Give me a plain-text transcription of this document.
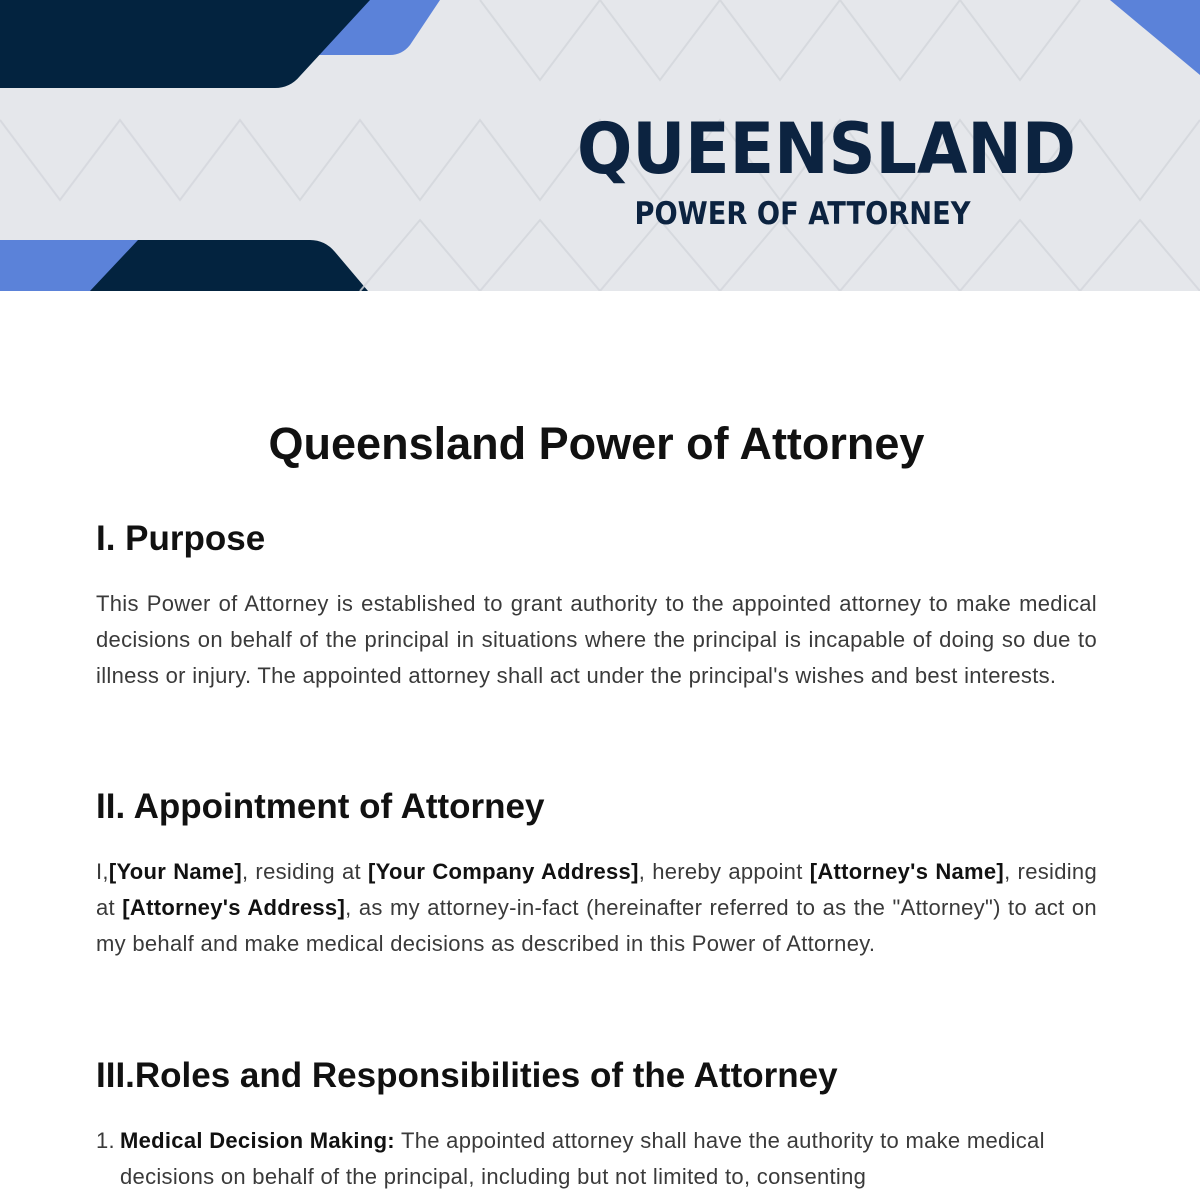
QUEENSLAND
POWER OF ATTORNEY
Queensland Power of Attorney
I. Purpose

This Power of Attorney is established to grant authority to the appointed attorney to make medical decisions on behalf of the principal in situations where the principal is incapable of doing so due to illness or injury. The appointed attorney shall act under the principal's wishes and best interests.

II. Appointment of Attorney

I,[Your Name], residing at [Your Company Address], hereby appoint [Attorney's Name], residing at [Attorney's Address], as my attorney-in-fact (hereinafter referred to as the "Attorney") to act on my behalf and make medical decisions as described in this Power of Attorney.

III.Roles and Responsibilities of the Attorney
1. Medical Decision Making: The appointed attorney shall have the authority to make medical decisions on behalf of the principal, including but not limited to, consenting
